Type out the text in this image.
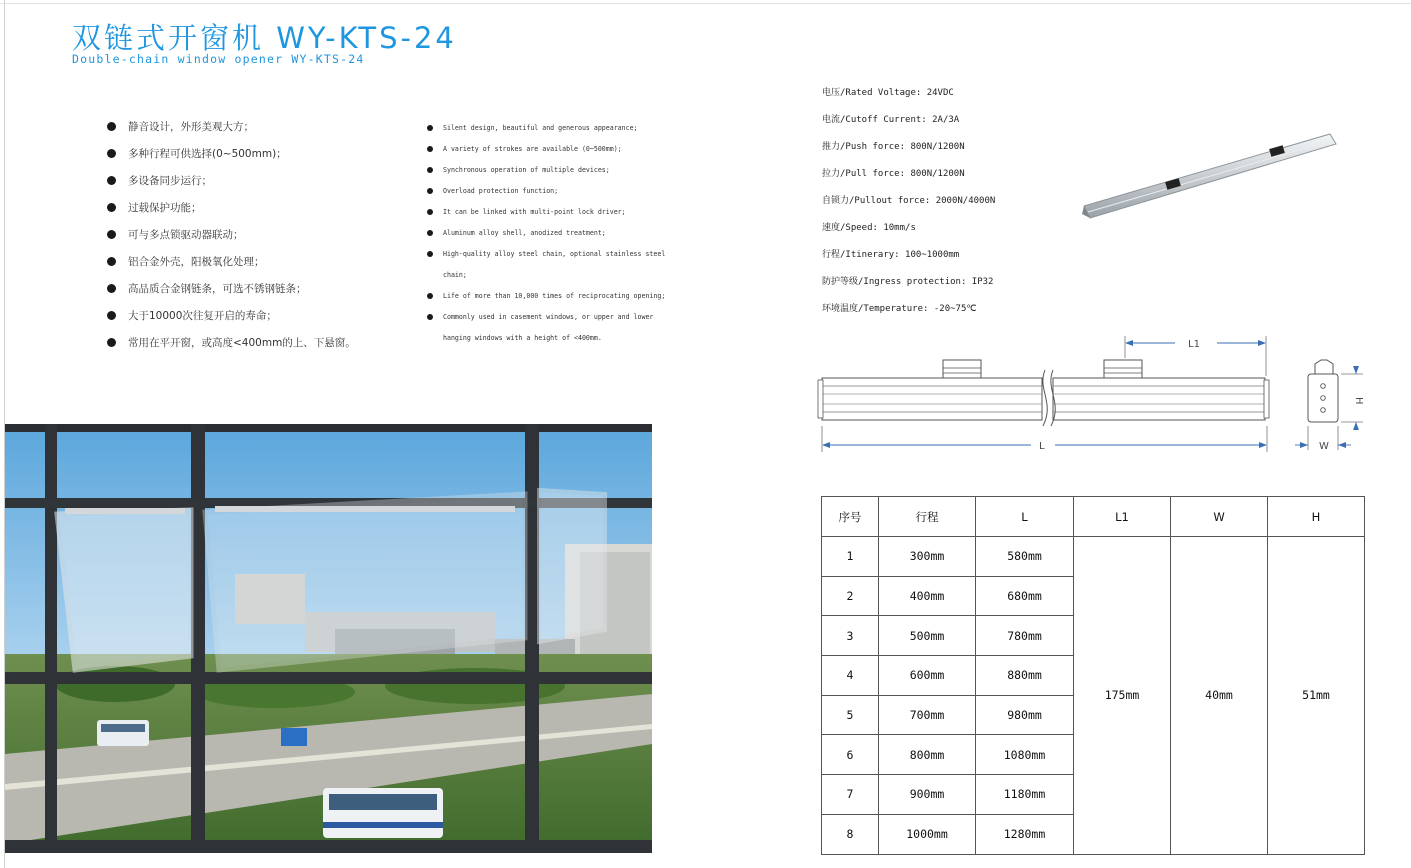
双链式开窗机 WY-KTS-24
Double-chain window opener WY-KTS-24
静音设计，外形美观大方；
多种行程可供选择(0~500mm)；
多设备同步运行；
过载保护功能；
可与多点锁驱动器联动；
铝合金外壳，阳极氧化处理；
高品质合金钢链条，可选不锈钢链条；
大于10000次往复开启的寿命；
常用在平开窗，或高度<400mm的上、下悬窗。
Silent design, beautiful and generous appearance;
A variety of strokes are available (0~500mm);
Synchronous operation of multiple devices;
Overload protection function;
It can be linked with multi-point lock driver;
Aluminum alloy shell, anodized treatment;
High-quality alloy steel chain, optional stainless steel
chain;
Life of more than 10,000 times of reciprocating opening;
Commonly used in casement windows, or upper and lower
hanging windows with a height of <400mm.
电压/Rated Voltage: 24VDC
电流/Cutoff Current: 2A/3A
推力/Push force: 800N/1200N
拉力/Pull force: 800N/1200N
自锁力/Pullout force: 2000N/4000N
速度/Speed: 10mm/s
行程/Itinerary: 100~1000mm
防护等级/Ingress protection: IP32
环境温度/Temperature: -20~75℃
L1
L
H
W
序号	行程	L	L1	W	H
1	300mm	580mm	175mm	40mm	51mm
2	400mm	680mm			
3	500mm	780mm			
4	600mm	880mm			
5	700mm	980mm			
6	800mm	1080mm			
7	900mm	1180mm			
8	1000mm	1280mm			
